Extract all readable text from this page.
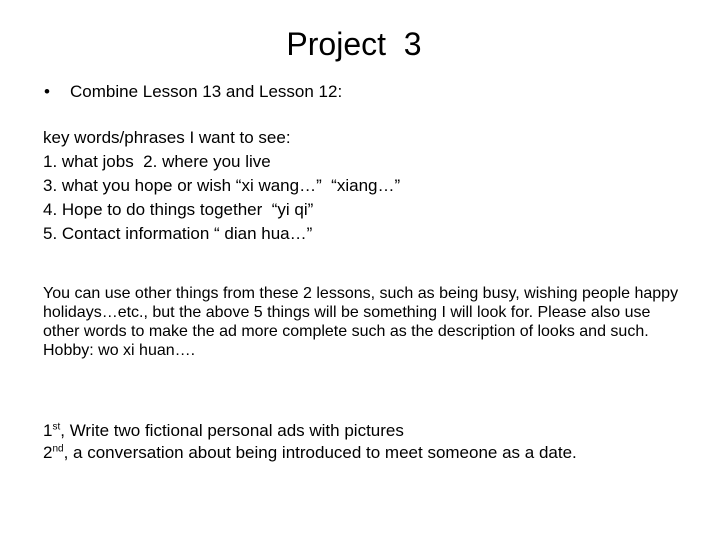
Project  3
• Combine Lesson 13 and Lesson 12:
key words/phrases I want to see:
1. what jobs  2. where you live
3. what you hope or wish “xi wang…”  “xiang…”
4. Hope to do things together  “yi qi”
5. Contact information “ dian hua…”
You can use other things from these 2 lessons, such as being busy, wishing people happy holidays…etc., but the above 5 things will be something I will look for. Please also use other words to make the ad more complete such as the description of looks and such. Hobby: wo xi huan….
1st, Write two fictional personal ads with pictures
2nd, a conversation about being introduced to meet someone as a date.
